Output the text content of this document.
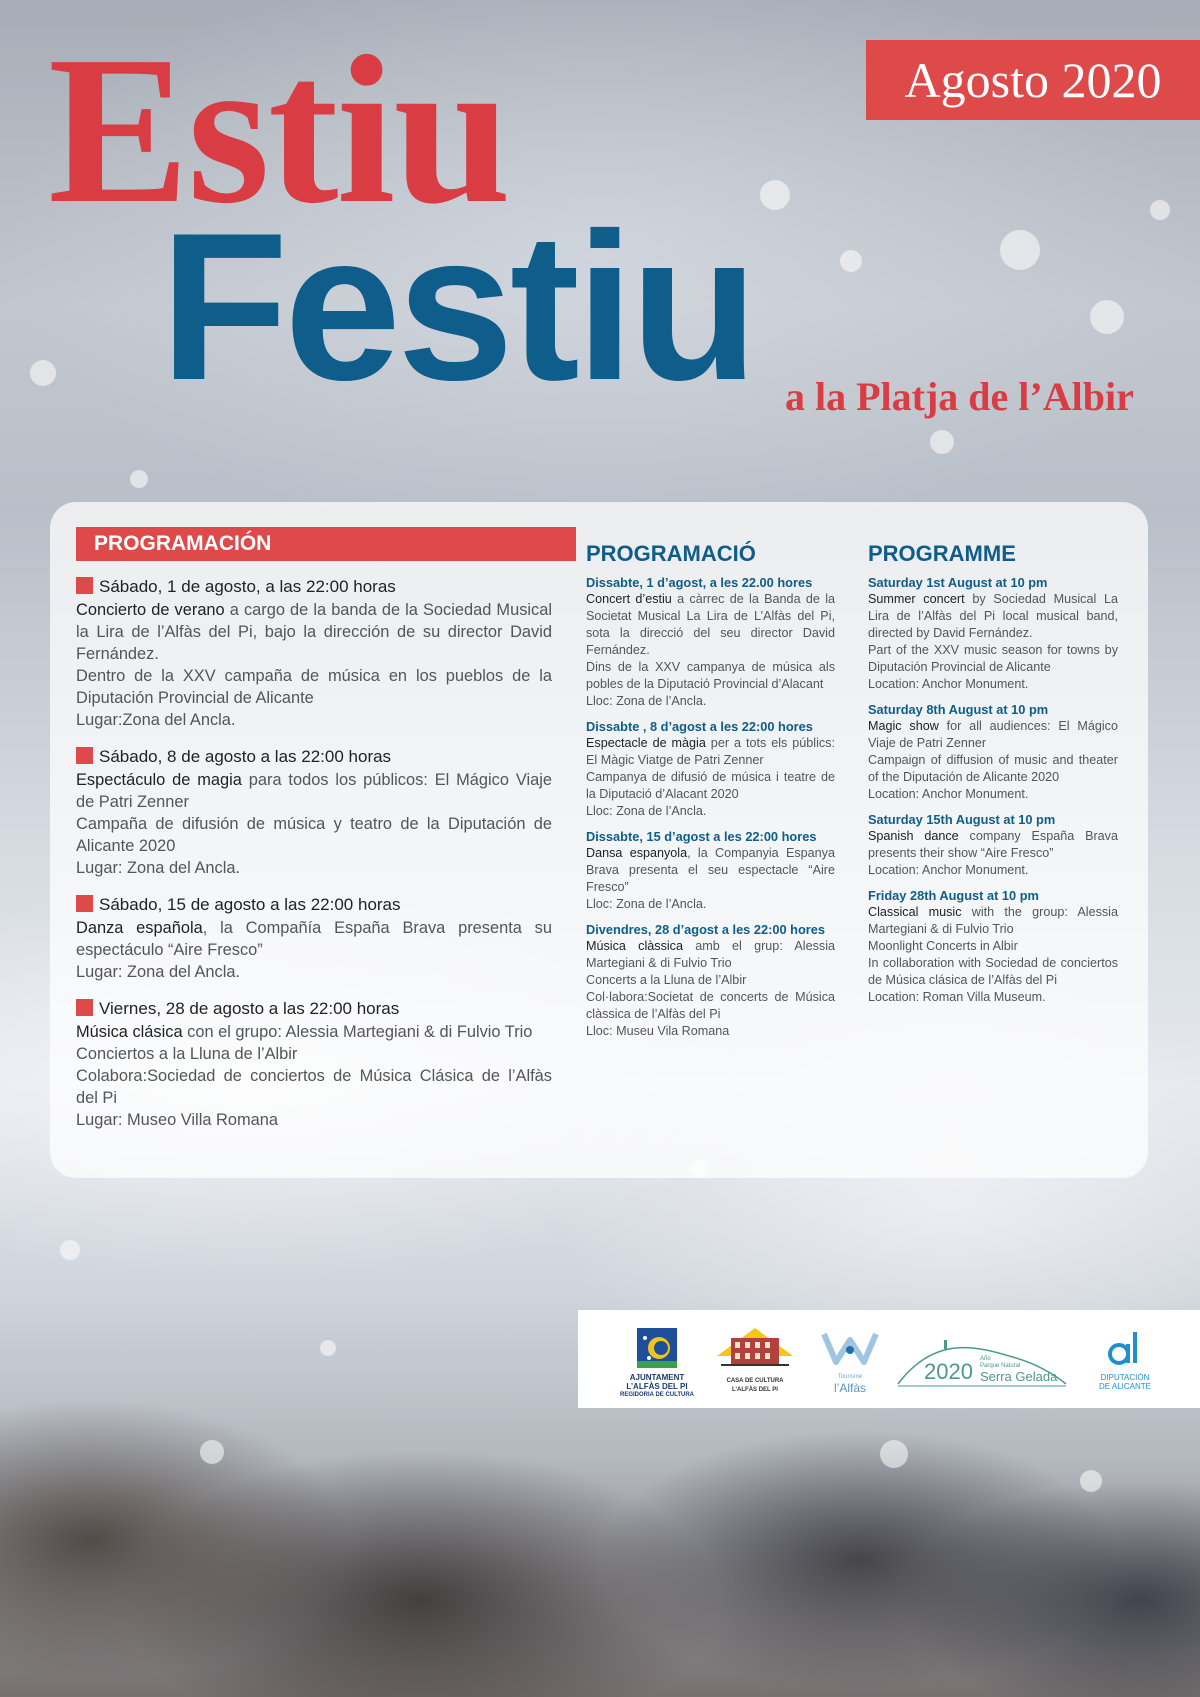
Estiu
Festiu a la Platja de l’Albir
Agosto 2020
PROGRAMACIÓN
Sábado, 1 de agosto, a las 22:00 horas
Concierto de verano a cargo de la banda de la Sociedad Musical la Lira de l’Alfàs del Pi, bajo la dirección de su director David Fernández.
Dentro de la XXV campaña de música en los pueblos de la Diputación Provincial de Alicante
Lugar:Zona del Ancla.
Sábado, 8 de agosto a las 22:00 horas
Espectáculo de magia para todos los públicos: El Mágico Viaje de Patri Zenner
Campaña de difusión de música y teatro de la Diputación de Alicante 2020
Lugar: Zona del Ancla.
Sábado, 15 de agosto a las 22:00 horas
Danza española, la Compañía España Brava presenta su espectáculo “Aire Fresco”
Lugar: Zona del Ancla.
Viernes, 28 de agosto a las 22:00 horas
Música clásica con el grupo: Alessia Martegiani & di Fulvio Trio
Conciertos a la Lluna de l’Albir
Colabora:Sociedad de conciertos de Música Clásica de l’Alfàs del Pi
Lugar: Museo Villa Romana
PROGRAMACIÓ
Dissabte, 1 d’agost, a les 22.00 hores
Concert d’estiu a càrrec de la Banda de la Societat Musical La Lira de L’Alfàs del Pi, sota la direcció del seu director David Fernández.
Dins de la XXV campanya de música als pobles de la Diputació Provincial d’Alacant
Lloc: Zona de l’Ancla.
Dissabte , 8 d’agost a les 22:00 hores
Espectacle de màgia per a tots els públics: El Màgic Viatge de Patri Zenner
Campanya de difusió de música i teatre de la Diputació d’Alacant 2020
Lloc: Zona de l’Ancla.
Dissabte, 15 d’agost a les 22:00 hores
Dansa espanyola, la Companyia Espanya Brava presenta el seu espectacle “Aire Fresco”
Lloc: Zona de l’Ancla.
Divendres, 28 d’agost a les 22:00 hores
Música clàssica amb el grup: Alessia Martegiani & di Fulvio Trio
Concerts a la Lluna de l’Albir
Col·labora:Societat de concerts de Música clàssica de l’Alfàs del Pi
Lloc: Museu Vila Romana
PROGRAMME
Saturday 1st August at 10 pm
Summer concert by Sociedad Musical La Lira de l’Alfàs del Pi local musical band, directed by David Fernández.
Part of the XXV music season for towns by Diputación Provincial de Alicante
Location: Anchor Monument.
Saturday 8th August at 10 pm
Magic show for all audiences: El Mágico Viaje de Patri Zenner
Campaign of diffusion of music and theater of the Diputación de Alicante 2020
Location: Anchor Monument.
Saturday 15th August at 10 pm
Spanish dance company España Brava presents their show “Aire Fresco”
Location: Anchor Monument.
Friday 28th August at 10 pm
Classical music with the group: Alessia Martegiani & di Fulvio Trio
Moonlight Concerts in Albir
In collaboration with Sociedad de conciertos de Música clásica de l’Alfàs del Pi
Location: Roman Villa Museum.
AJUNTAMENT
L’ALFÀS DEL PI
REGIDORIA DE CULTURA
CASA DE CULTURA
L’ALFÀS DEL PI
Tourisme
l’Alfàs
2020 Año
Parque Natural
Serra Gelada	DIPUTACIÓN
DE ALICANTE
